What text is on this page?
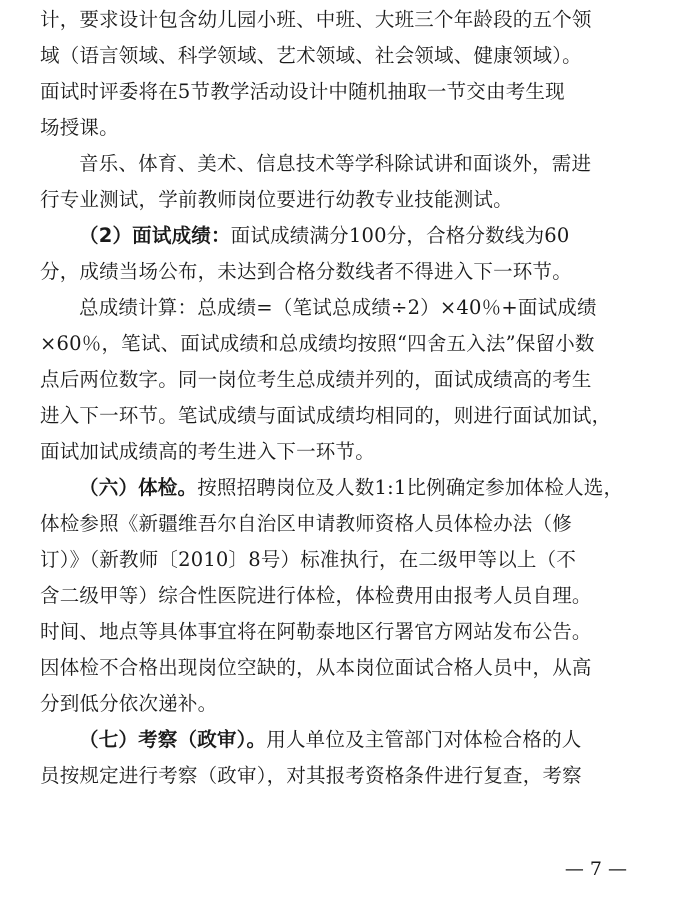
计，要求设计包含幼儿园小班、中班、大班三个年龄段的五个领
域（语言领域、科学领域、艺术领域、社会领域、健康领域）。
面试时评委将在5节教学活动设计中随机抽取一节交由考生现
场授课。
音乐、体育、美术、信息技术等学科除试讲和面谈外，需进
行专业测试，学前教师岗位要进行幼教专业技能测试。
（2）面试成绩：面试成绩满分100分，合格分数线为60
分，成绩当场公布，未达到合格分数线者不得进入下一环节。
总成绩计算：总成绩=（笔试总成绩÷2）×40％+面试成绩
×60％，笔试、面试成绩和总成绩均按照“四舍五入法”保留小数
点后两位数字。同一岗位考生总成绩并列的，面试成绩高的考生
进入下一环节。笔试成绩与面试成绩均相同的，则进行面试加试，
面试加试成绩高的考生进入下一环节。
（六）体检。按照招聘岗位及人数1:1比例确定参加体检人选，
体检参照《新疆维吾尔自治区申请教师资格人员体检办法（修
订）》（新教师〔2010〕8号）标准执行，在二级甲等以上（不
含二级甲等）综合性医院进行体检，体检费用由报考人员自理。
时间、地点等具体事宜将在阿勒泰地区行署官方网站发布公告。
因体检不合格出现岗位空缺的，从本岗位面试合格人员中，从高
分到低分依次递补。
（七）考察（政审）。用人单位及主管部门对体检合格的人
员按规定进行考察（政审），对其报考资格条件进行复查，考察
— 7 —
